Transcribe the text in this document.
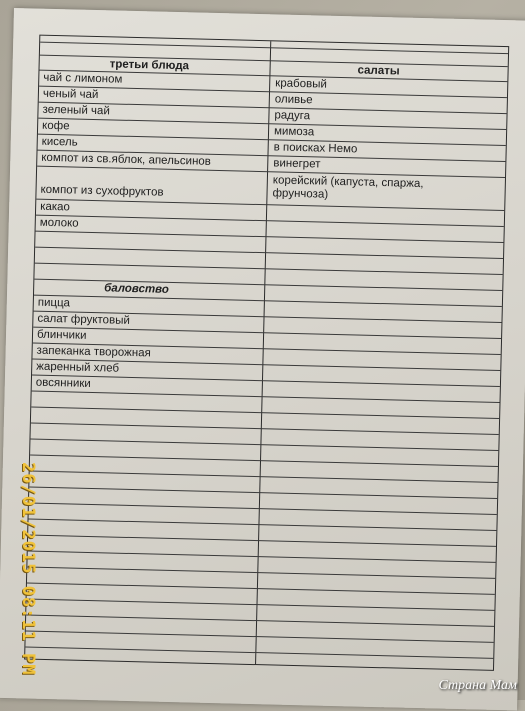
третьи блюда	салаты
чай с лимоном
ченый чай
зеленый чай
кофе
кисель
компот из св.яблок, апельсинов
компот из сухофруктов
какао
молоко
баловство
пицца
салат фруктовый
блинчики
запеканка творожная
жаренный хлеб
овсянники
крабовый
оливье
радуга
мимоза
в поисках Немо
винегрет
корейский (капуста, спаржа, фрунчоза)
26/01/2015 08:11 PM
Страна Мам
